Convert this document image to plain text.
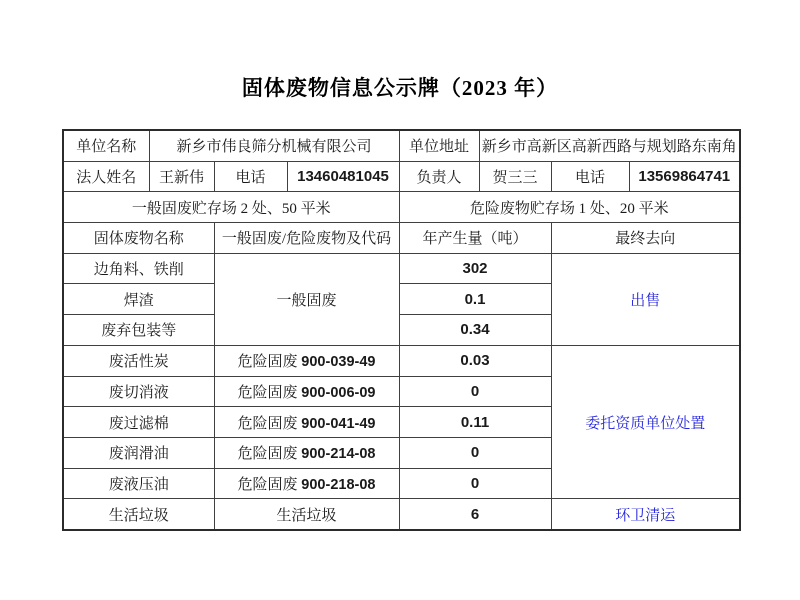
固体废物信息公示牌（2023 年）
单位名称	新乡市伟良筛分机械有限公司			单位地址	新乡市高新区高新西路与规划路东南角		
法人姓名	王新伟	电话	13460481045	负责人	贺三三	电话	13569864741
一般固废贮存场 2 处、50 平米				危险废物贮存场 1 处、20 平米			
固体废物名称		一般固废/危险废物及代码		年产生量（吨）		最终去向	
边角料、铁削		一般固废		302		出售	
焊渣				0.1			
废弃包装等				0.34			
废活性炭		危险固废 900-039-49		0.03		委托资质单位处置	
废切消液		危险固废 900-006-09		0			
废过滤棉		危险固废 900-041-49		0.11			
废润滑油		危险固废 900-214-08		0			
废液压油		危险固废 900-218-08		0			
生活垃圾		生活垃圾		6		环卫清运	
